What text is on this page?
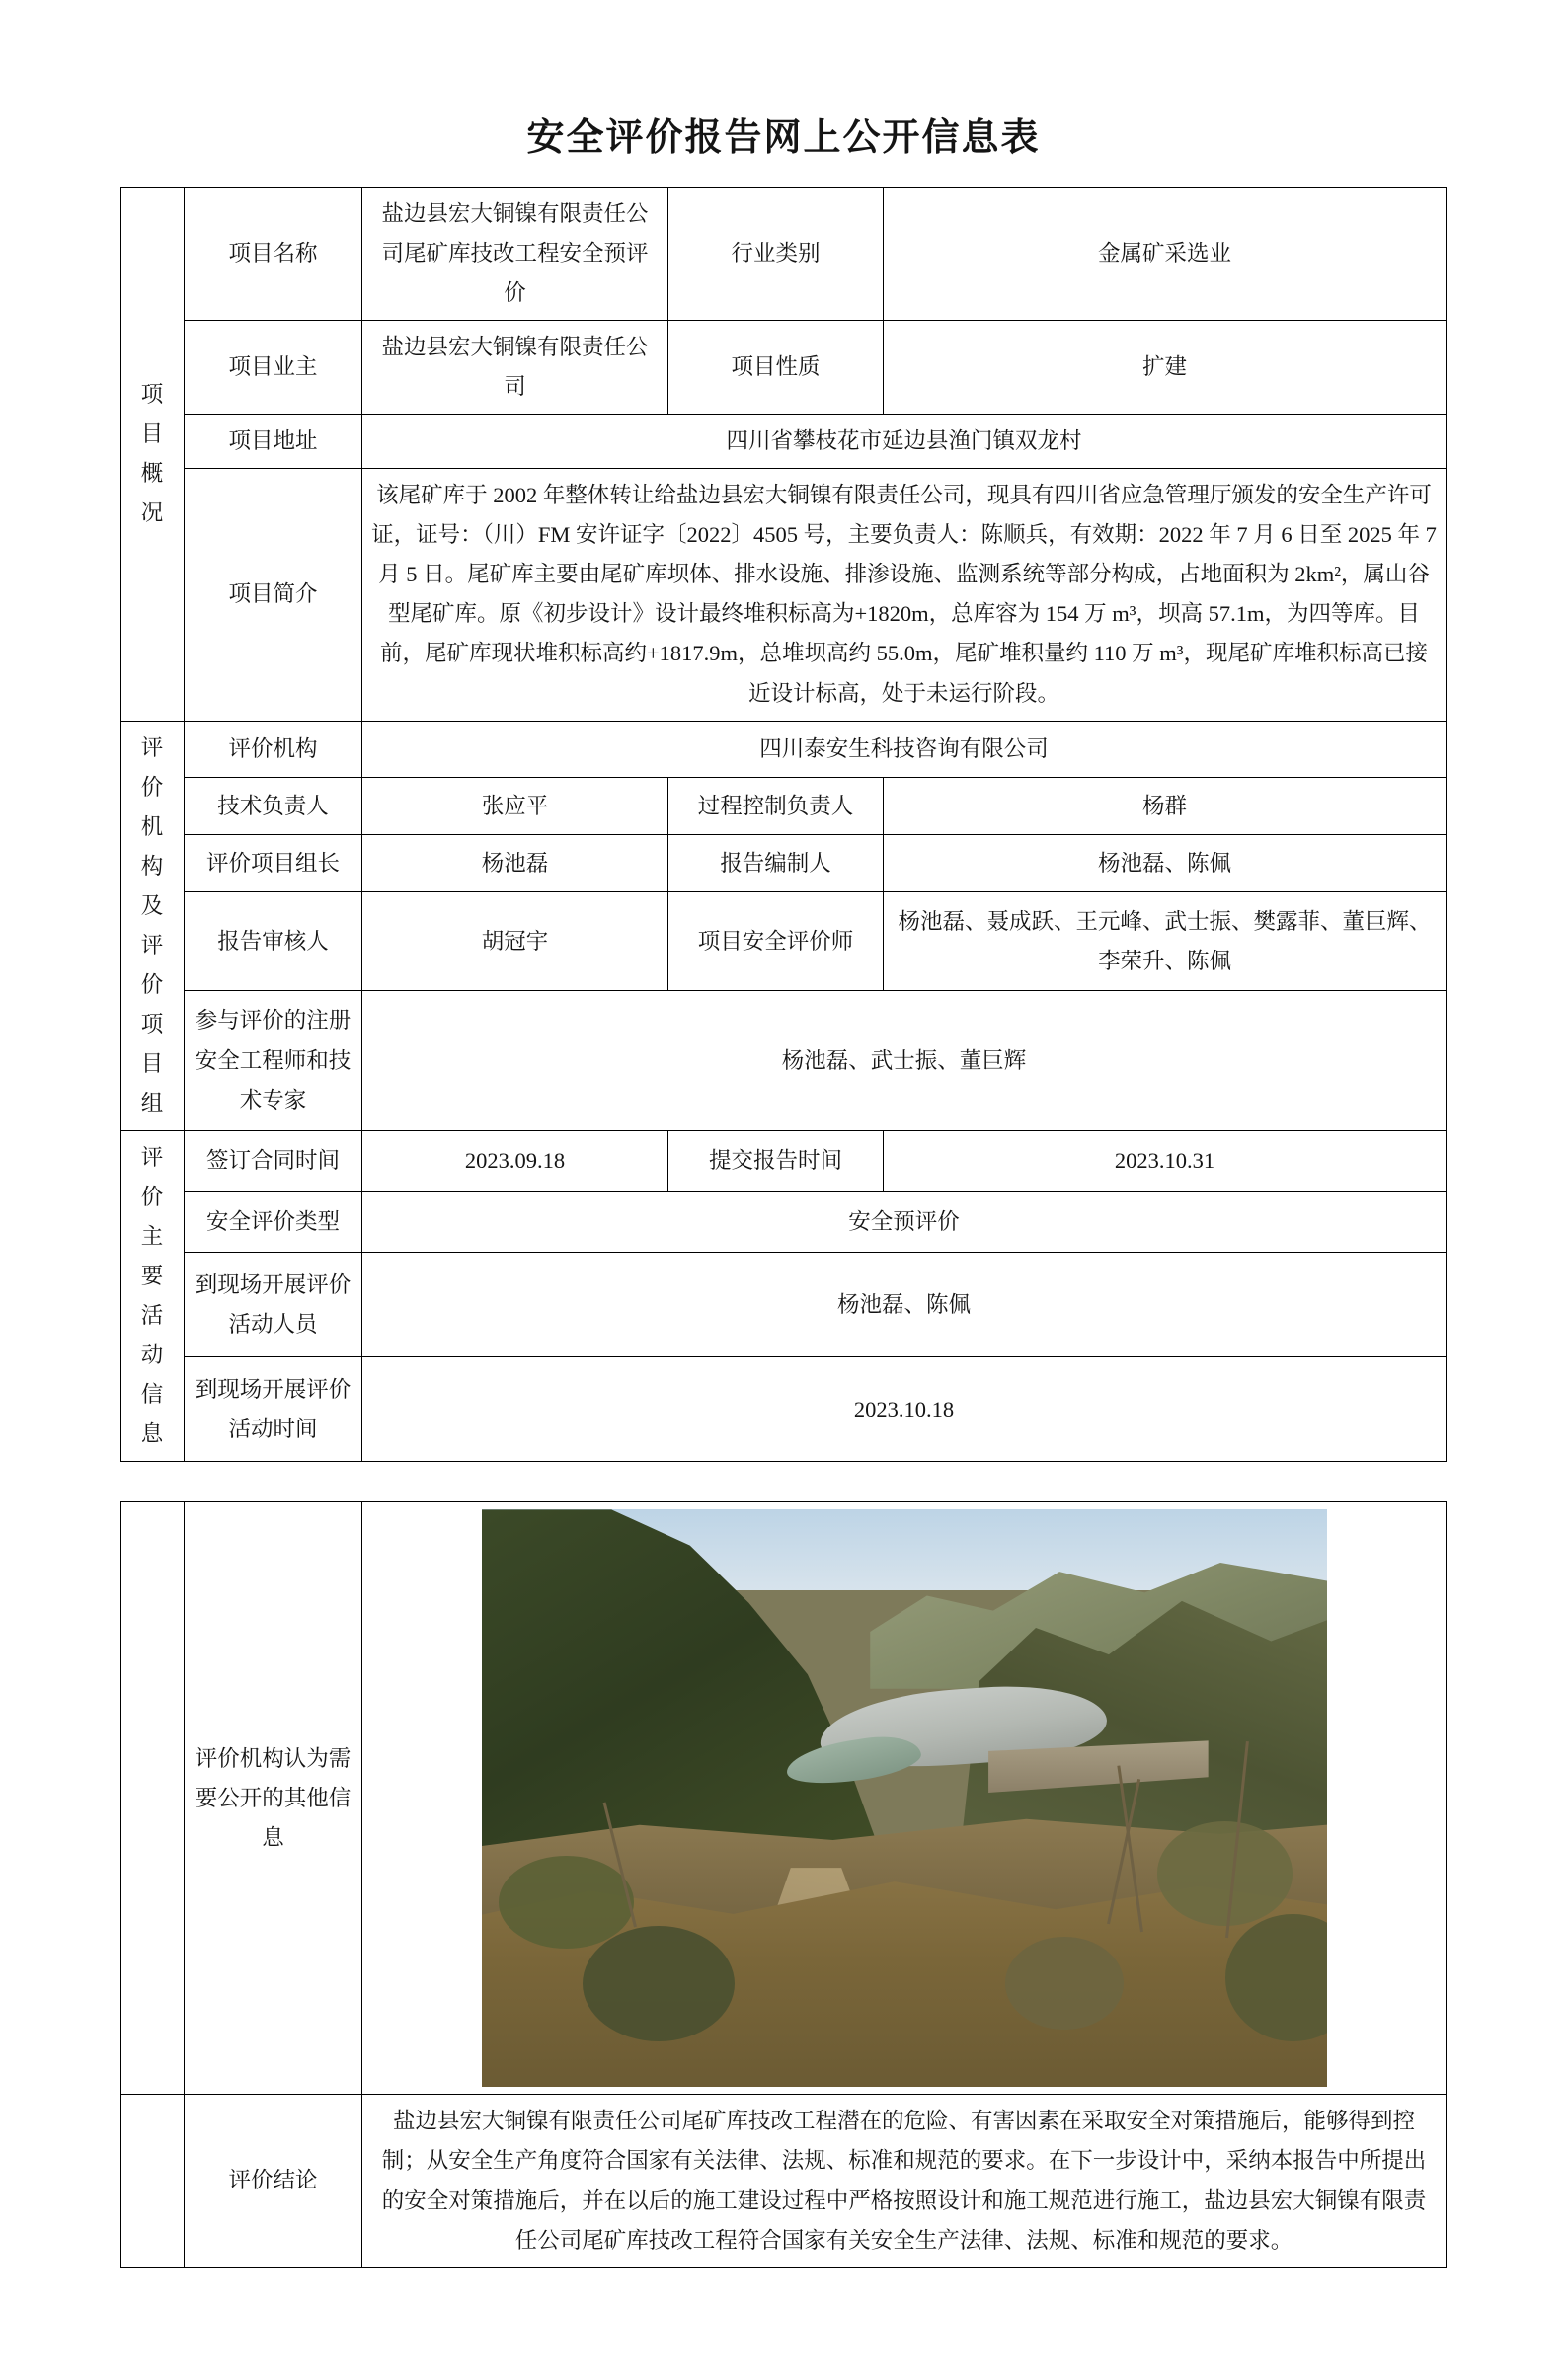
安全评价报告网上公开信息表
项目概况	项目名称	盐边县宏大铜镍有限责任公司尾矿库技改工程安全预评价	行业类别	金属矿采选业
	项目业主	盐边县宏大铜镍有限责任公司	项目性质	扩建
	项目地址	四川省攀枝花市延边县渔门镇双龙村		
	项目简介	该尾矿库于 2002 年整体转让给盐边县宏大铜镍有限责任公司，现具有四川省应急管理厅颁发的安全生产许可证，证号：（川）FM 安许证字〔2022〕4505 号，主要负责人：陈顺兵，有效期：2022 年 7 月 6 日至 2025 年 7 月 5 日。尾矿库主要由尾矿库坝体、排水设施、排渗设施、监测系统等部分构成，占地面积为 2km²，属山谷型尾矿库。原《初步设计》设计最终堆积标高为+1820m，总库容为 154 万 m³，坝高 57.1m，为四等库。目前，尾矿库现状堆积标高约+1817.9m，总堆坝高约 55.0m，尾矿堆积量约 110 万 m³，现尾矿库堆积标高已接近设计标高，处于未运行阶段。		

评价机构及评价项目组	评价机构	四川泰安生科技咨询有限公司		
	技术负责人	张应平	过程控制负责人	杨群
	评价项目组长	杨池磊	报告编制人	杨池磊、陈佩
	报告审核人	胡冠宇	项目安全评价师	杨池磊、聂成跃、王元峰、武士振、樊露菲、董巨辉、李荣升、陈佩
	参与评价的注册安全工程师和技术专家	杨池磊、武士振、董巨辉		
评价主要活动信息	签订合同时间	2023.09.18	提交报告时间	2023.10.31
	安全评价类型	安全预评价		
	到现场开展评价活动人员	杨池磊、陈佩		
	到现场开展评价活动时间	2023.10.18		
	评价机构认为需要公开的其他信息	

	评价结论	盐边县宏大铜镍有限责任公司尾矿库技改工程潜在的危险、有害因素在采取安全对策措施后，能够得到控制；从安全生产角度符合国家有关法律、法规、标准和规范的要求。在下一步设计中，采纳本报告中所提出的安全对策措施后，并在以后的施工建设过程中严格按照设计和施工规范进行施工，盐边县宏大铜镍有限责任公司尾矿库技改工程符合国家有关安全生产法律、法规、标准和规范的要求。
